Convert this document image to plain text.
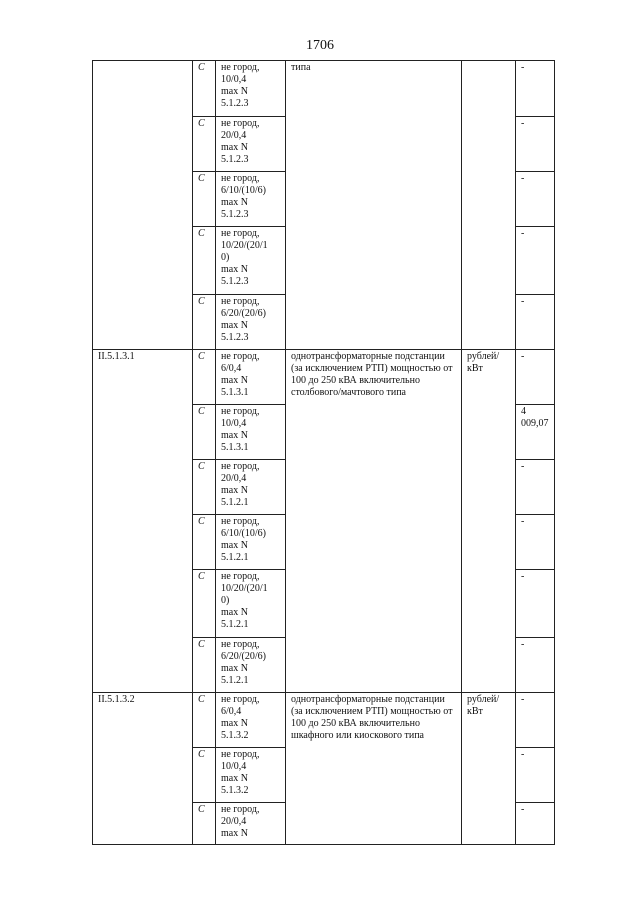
1706
	С	не город,
10/0,4
max N
5.1.2.3	типа		-
	С	не город,
20/0,4
max N
5.1.2.3			-
	С	не город,
6/10/(10/6)
max N
5.1.2.3			-
	С	не город,
10/20/(20/1
0)
max N
5.1.2.3			-
	С	не город,
6/20/(20/6)
max N
5.1.2.3			-
II.5.1.3.1	С	не город,
6/0,4
max N
5.1.3.1	однотрансформаторные подстанции (за исключением РТП) мощностью от 100 до 250 кВА включительно столбового/мачтового типа	рублей/ кВт	-
	С	не город,
10/0,4
max N
5.1.3.1			4 009,07
	С	не город,
20/0,4
max N
5.1.2.1			-
	С	не город,
6/10/(10/6)
max N
5.1.2.1			-
	С	не город,
10/20/(20/1
0)
max N
5.1.2.1			-
	С	не город,
6/20/(20/6)
max N
5.1.2.1			-
II.5.1.3.2	С	не город,
6/0,4
max N
5.1.3.2	однотрансформаторные подстанции (за исключением РТП) мощностью от 100 до 250 кВА включительно шкафного или киоскового типа	рублей/ кВт	-
	С	не город,
10/0,4
max N
5.1.3.2			-
	С	не город,
20/0,4
max N			-
